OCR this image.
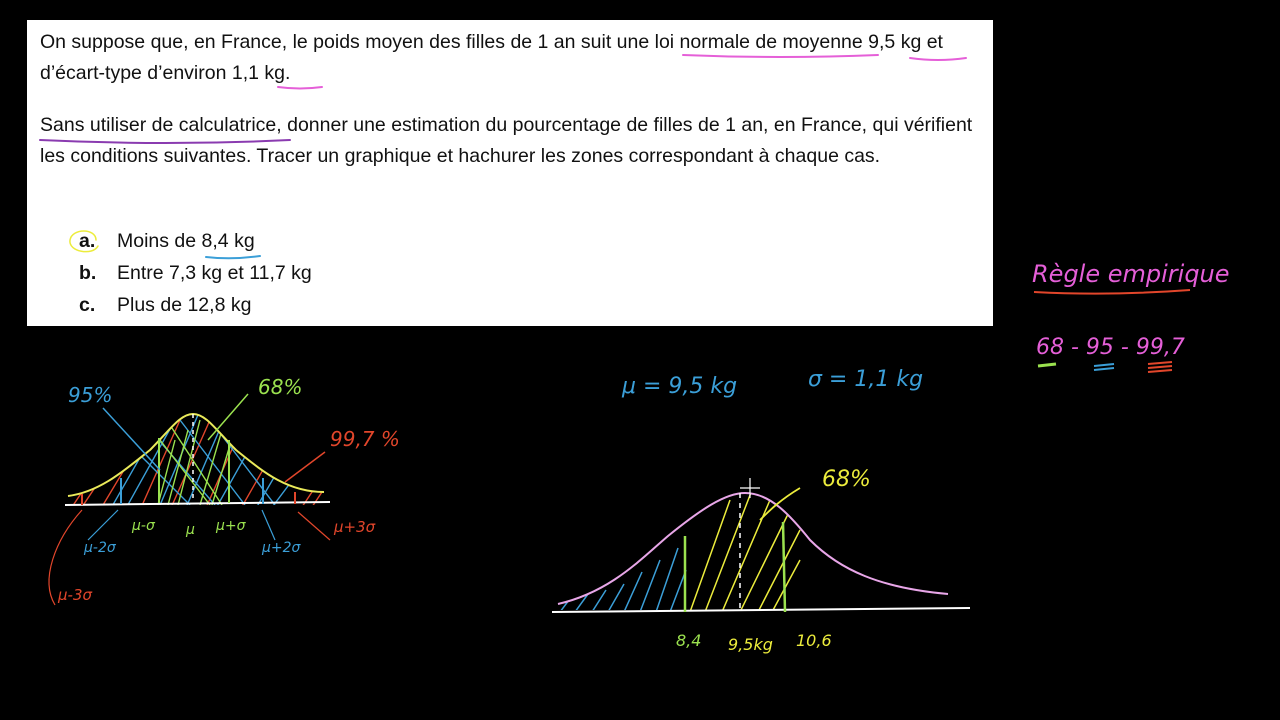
On suppose que, en France, le poids moyen des filles de 1 an suit une loi normale de moyenne 9,5 kg et d’écart-type d’environ 1,1 kg.

Sans utiliser de calculatrice, donner une estimation du pourcentage de filles de 1 an, en France, qui vérifient les conditions suivantes. Tracer un graphique et hachurer les zones correspondant à chaque cas.

a. Moins de 8,4 kg
b. Entre 7,3 kg et 11,7 kg
c. Plus de 12,8 kg
Règle empirique
68 - 95 - 99,7
μ = 9,5 kg	σ = 1,1 kg
95%	68%
99,7 %
μ-σ μ μ+σ
μ-2σ	μ+2σ
μ+3σ
μ-3σ
68%
8,4 9,5kg 10,6
